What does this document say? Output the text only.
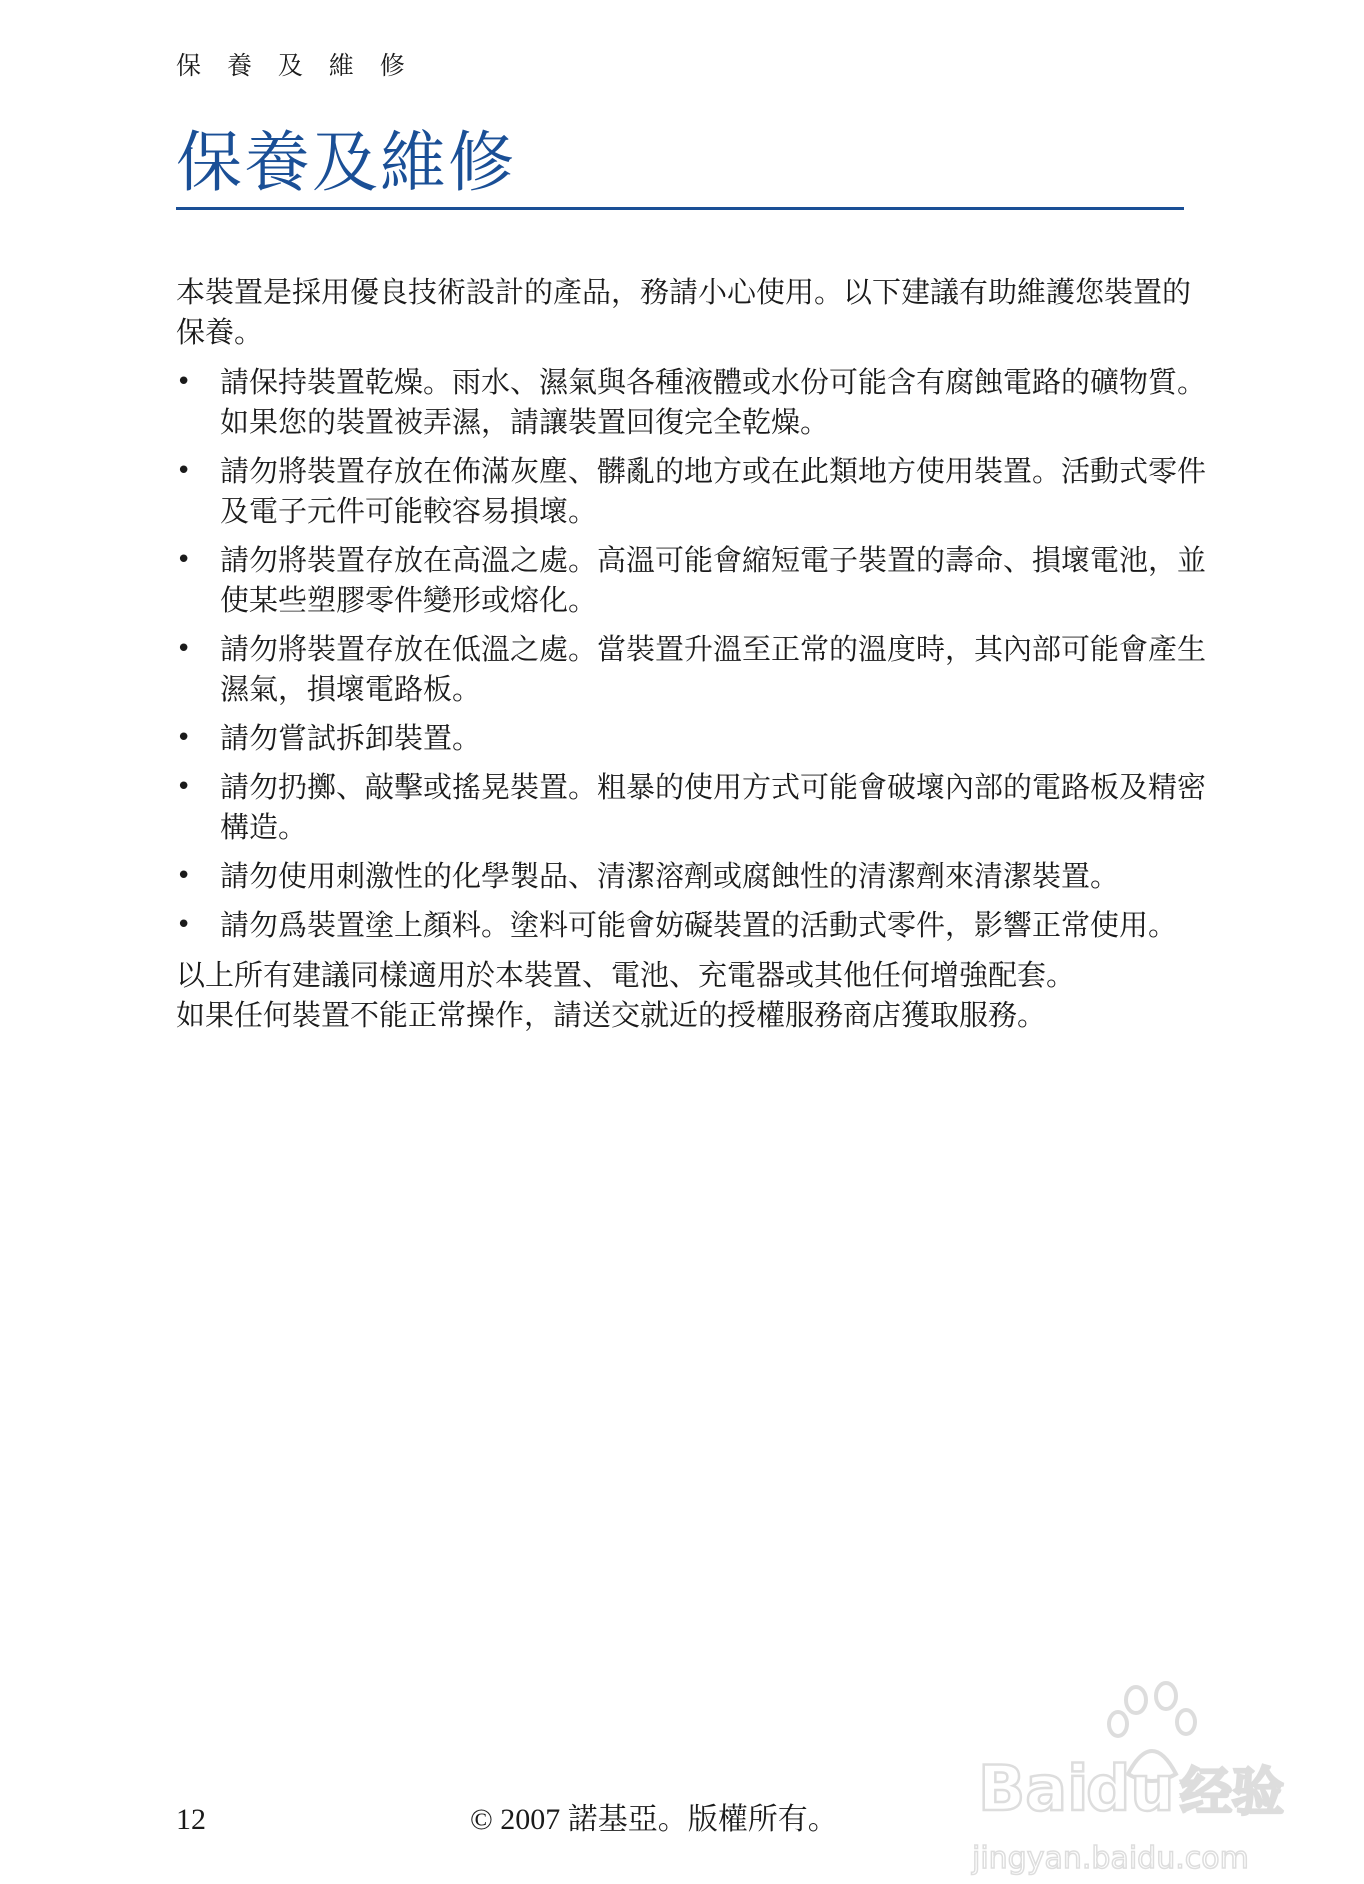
保 養 及 維 修
保養及維修

本裝置是採用優良技術設計的產品，務請小心使用。以下建議有助維護您裝置的保養。

• 請保持裝置乾燥。雨水、濕氣與各種液體或水份可能含有腐蝕電路的礦物質。如果您的裝置被弄濕，請讓裝置回復完全乾燥。
• 請勿將裝置存放在佈滿灰塵、髒亂的地方或在此類地方使用裝置。活動式零件及電子元件可能較容易損壞。
• 請勿將裝置存放在高溫之處。高溫可能會縮短電子裝置的壽命、損壞電池，並使某些塑膠零件變形或熔化。
• 請勿將裝置存放在低溫之處。當裝置升溫至正常的溫度時，其內部可能會產生濕氣，損壞電路板。
• 請勿嘗試拆卸裝置。
• 請勿扔擲、敲擊或搖晃裝置。粗暴的使用方式可能會破壞內部的電路板及精密構造。
• 請勿使用刺激性的化學製品、清潔溶劑或腐蝕性的清潔劑來清潔裝置。
• 請勿爲裝置塗上顏料。塗料可能會妨礙裝置的活動式零件，影響正常使用。

以上所有建議同樣適用於本裝置、電池、充電器或其他任何增強配套。
如果任何裝置不能正常操作，請送交就近的授權服務商店獲取服務。

12	© 2007 諾基亞。版權所有。 Bai
du 经验
jingyan.baidu.com
